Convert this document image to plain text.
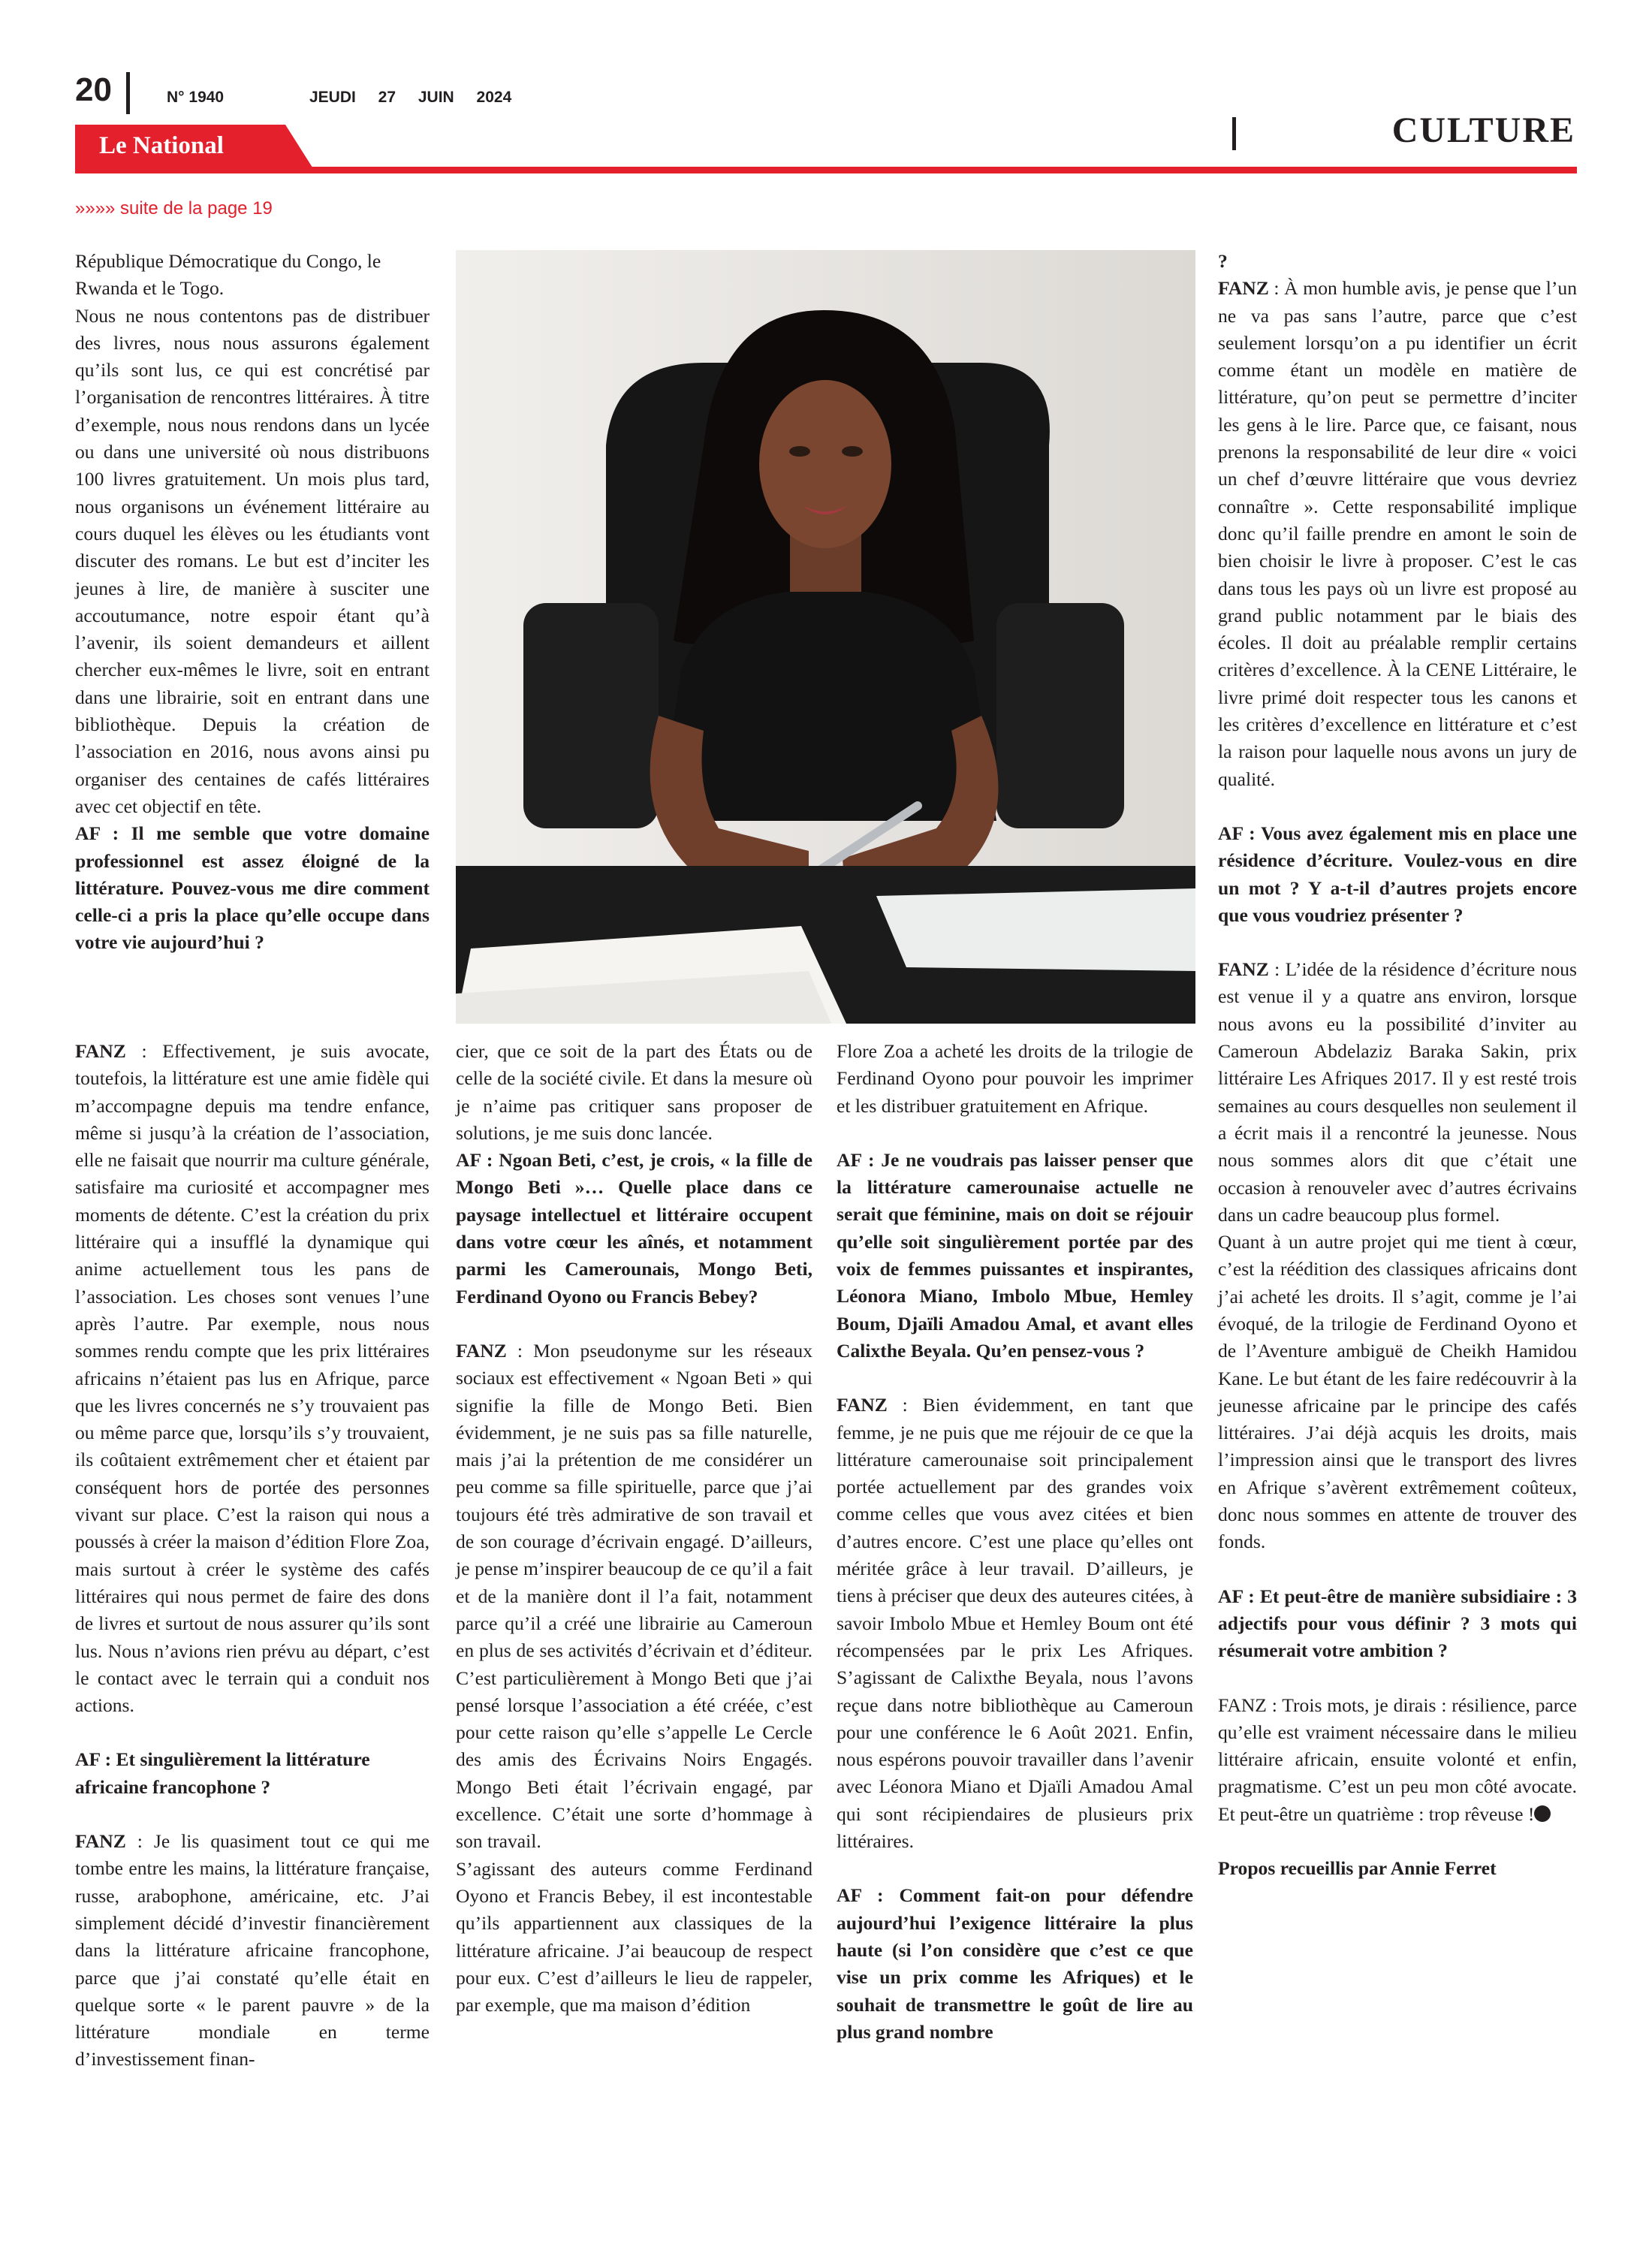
20	N° 1940	JEUDI 27 JUIN 2024
CULTURE
Le National
»»»» suite de la page 19

République Démocratique du Congo, le Rwanda et le Togo.

Nous ne nous contentons pas de distribuer des livres, nous nous assurons également qu’ils sont lus, ce qui est concrétisé par l’organisation de rencontres littéraires. À titre d’exemple, nous nous rendons dans un lycée ou dans une université où nous distribuons 100 livres gratuitement. Un mois plus tard, nous organisons un événement littéraire au cours duquel les élèves ou les étudiants vont discuter des romans. Le but est d’inciter les jeunes à lire, de manière à susciter une accoutumance, notre espoir étant qu’à l’avenir, ils soient demandeurs et aillent chercher eux-mêmes le livre, soit en entrant dans une librairie, soit en entrant dans une bibliothèque. Depuis la création de l’association en 2016, nous avons ainsi pu organiser des centaines de cafés littéraires avec cet objectif en tête.

AF : Il me semble que votre domaine professionnel est assez éloigné de la littérature. Pouvez-vous me dire comment celle-ci a pris la place qu’elle occupe dans votre vie aujourd’hui ?

FANZ : Effectivement, je suis avocate, toutefois, la littérature est une amie fidèle qui m’accompagne depuis ma tendre enfance, même si jusqu’à la création de l’association, elle ne faisait que nourrir ma culture générale, satisfaire ma curiosité et accompagner mes moments de détente. C’est la création du prix littéraire qui a insufflé la dynamique qui anime actuellement tous les pans de l’association. Les choses sont venues l’une après l’autre. Par exemple, nous nous sommes rendu compte que les prix littéraires africains n’étaient pas lus en Afrique, parce que les livres concernés ne s’y trouvaient pas ou même parce que, lorsqu’ils s’y trouvaient, ils coûtaient extrêmement cher et étaient par conséquent hors de portée des personnes vivant sur place. C’est la raison qui nous a poussés à créer la maison d’édition Flore Zoa, mais surtout à créer le système des cafés littéraires qui nous permet de faire des dons de livres et surtout de nous assurer qu’ils sont lus. Nous n’avions rien prévu au départ, c’est le contact avec le terrain qui a conduit nos actions.

AF : Et singulièrement la littérature africaine francophone ?

FANZ : Je lis quasiment tout ce qui me tombe entre les mains, la littérature française, russe, arabophone, américaine, etc. J’ai simplement décidé d’investir financièrement dans la littérature africaine francophone, parce que j’ai constaté qu’elle était en quelque sorte « le parent pauvre » de la littérature mondiale en terme d’investissement finan-

cier, que ce soit de la part des États ou de celle de la société civile. Et dans la mesure où je n’aime pas critiquer sans proposer de solutions, je me suis donc lancée.

AF : Ngoan Beti, c’est, je crois, « la fille de Mongo Beti »… Quelle place dans ce paysage intellectuel et littéraire occupent dans votre cœur les aînés, et notamment parmi les Camerounais, Mongo Beti, Ferdinand Oyono ou Francis Bebey?

FANZ : Mon pseudonyme sur les réseaux sociaux est effectivement « Ngoan Beti » qui signifie la fille de Mongo Beti. Bien évidemment, je ne suis pas sa fille naturelle, mais j’ai la prétention de me considérer un peu comme sa fille spirituelle, parce que j’ai toujours été très admirative de son travail et de son courage d’écrivain engagé. D’ailleurs, je pense m’inspirer beaucoup de ce qu’il a fait et de la manière dont il l’a fait, notamment parce qu’il a créé une librairie au Cameroun en plus de ses activités d’écrivain et d’éditeur. C’est particulièrement à Mongo Beti que j’ai pensé lorsque l’association a été créée, c’est pour cette raison qu’elle s’appelle Le Cercle des amis des Écrivains Noirs Engagés. Mongo Beti était l’écrivain engagé, par excellence. C’était une sorte d’hommage à son travail.

S’agissant des auteurs comme Ferdinand Oyono et Francis Bebey, il est incontestable qu’ils appartiennent aux classiques de la littérature africaine. J’ai beaucoup de respect pour eux. C’est d’ailleurs le lieu de rappeler, par exemple, que ma maison d’édition

Flore Zoa a acheté les droits de la trilogie de Ferdinand Oyono pour pouvoir les imprimer et les distribuer gratuitement en Afrique.

AF : Je ne voudrais pas laisser penser que la littérature camerounaise actuelle ne serait que féminine, mais on doit se réjouir qu’elle soit singulièrement portée par des voix de femmes puissantes et inspirantes, Léonora Miano, Imbolo Mbue, Hemley Boum, Djaïli Amadou Amal, et avant elles Calixthe Beyala. Qu’en pensez-vous ?

FANZ : Bien évidemment, en tant que femme, je ne puis que me réjouir de ce que la littérature camerounaise soit principalement portée actuellement par des grandes voix comme celles que vous avez citées et bien d’autres encore. C’est une place qu’elles ont méritée grâce à leur travail. D’ailleurs, je tiens à préciser que deux des auteures citées, à savoir Imbolo Mbue et Hemley Boum ont été récompensées par le prix Les Afriques. S’agissant de Calixthe Beyala, nous l’avons reçue dans notre bibliothèque au Cameroun pour une conférence le 6 Août 2021. Enfin, nous espérons pouvoir travailler dans l’avenir avec Léonora Miano et Djaïli Amadou Amal qui sont récipiendaires de plusieurs prix littéraires.

AF : Comment fait-on pour défendre aujourd’hui l’exigence littéraire la plus haute (si l’on considère que c’est ce que vise un prix comme les Afriques) et le souhait de transmettre le goût de lire au plus grand nombre

?

FANZ : À mon humble avis, je pense que l’un ne va pas sans l’autre, parce que c’est seulement lorsqu’on a pu identifier un écrit comme étant un modèle en matière de littérature, qu’on peut se permettre d’inciter les gens à le lire. Parce que, ce faisant, nous prenons la responsabilité de leur dire « voici un chef d’œuvre littéraire que vous devriez connaître ». Cette responsabilité implique donc qu’il faille prendre en amont le soin de bien choisir le livre à proposer. C’est le cas dans tous les pays où un livre est proposé au grand public notamment par le biais des écoles. Il doit au préalable remplir certains critères d’excellence. À la CENE Littéraire, le livre primé doit respecter tous les canons et les critères d’excellence en littérature et c’est la raison pour laquelle nous avons un jury de qualité.

AF : Vous avez également mis en place une résidence d’écriture. Voulez-vous en dire un mot ? Y a-t-il d’autres projets encore que vous voudriez présenter ?

FANZ : L’idée de la résidence d’écriture nous est venue il y a quatre ans environ, lorsque nous avons eu la possibilité d’inviter au Cameroun Abdelaziz Baraka Sakin, prix littéraire Les Afriques 2017. Il y est resté trois semaines au cours desquelles non seulement il a écrit mais il a rencontré la jeunesse. Nous nous sommes alors dit que c’était une occasion à renouveler avec d’autres écrivains dans un cadre beaucoup plus formel.

Quant à un autre projet qui me tient à cœur, c’est la réédition des classiques africains dont j’ai acheté les droits. Il s’agit, comme je l’ai évoqué, de la trilogie de Ferdinand Oyono et de l’Aventure ambiguë de Cheikh Hamidou Kane. Le but étant de les faire redécouvrir à la jeunesse africaine par le principe des cafés littéraires. J’ai déjà acquis les droits, mais l’impression ainsi que le transport des livres en Afrique s’avèrent extrêmement coûteux, donc nous sommes en attente de trouver des fonds.

AF : Et peut-être de manière subsidiaire : 3 adjectifs pour vous définir ? 3 mots qui résumerait votre ambition ?

FANZ : Trois mots, je dirais : résilience, parce qu’elle est vraiment nécessaire dans le milieu littéraire africain, ensuite volonté et enfin, pragmatisme. C’est un peu mon côté avocate. Et peut-être un quatrième : trop rêveuse !

Propos recueillis par Annie Ferret
